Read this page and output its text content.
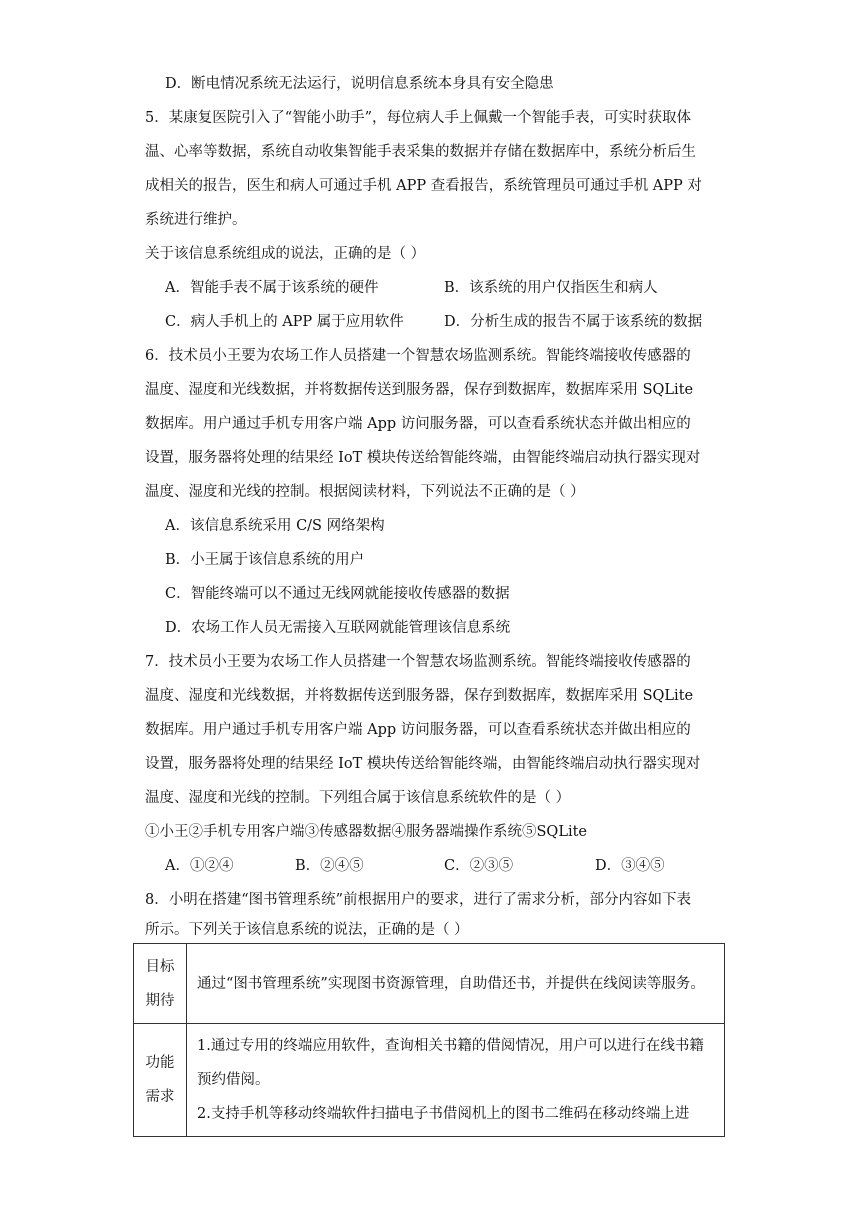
D．断电情况系统无法运行，说明信息系统本身具有安全隐患
5．某康复医院引入了“智能小助手”，每位病人手上佩戴一个智能手表，可实时获取体
温、心率等数据，系统自动收集智能手表采集的数据并存储在数据库中，系统分析后生
成相关的报告，医生和病人可通过手机 APP 查看报告，系统管理员可通过手机 APP 对
系统进行维护。
关于该信息系统组成的说法，正确的是（ ）
A．智能手表不属于该系统的硬件	B．该系统的用户仅指医生和病人
C．病人手机上的 APP 属于应用软件	D．分析生成的报告不属于该系统的数据
6．技术员小王要为农场工作人员搭建一个智慧农场监测系统。智能终端接收传感器的
温度、湿度和光线数据，并将数据传送到服务器，保存到数据库，数据库采用 SQLite
数据库。用户通过手机专用客户端 App 访问服务器，可以查看系统状态并做出相应的
设置，服务器将处理的结果经 IoT 模块传送给智能终端，由智能终端启动执行器实现对
温度、湿度和光线的控制。根据阅读材料，下列说法不正确的是（ ）
A．该信息系统采用 C/S 网络架构
B．小王属于该信息系统的用户
C．智能终端可以不通过无线网就能接收传感器的数据
D．农场工作人员无需接入互联网就能管理该信息系统
7．技术员小王要为农场工作人员搭建一个智慧农场监测系统。智能终端接收传感器的
温度、湿度和光线数据，并将数据传送到服务器，保存到数据库，数据库采用 SQLite
数据库。用户通过手机专用客户端 App 访问服务器，可以查看系统状态并做出相应的
设置，服务器将处理的结果经 IoT 模块传送给智能终端，由智能终端启动执行器实现对
温度、湿度和光线的控制。下列组合属于该信息系统软件的是（ ）
①小王②手机专用客户端③传感器数据④服务器端操作系统⑤SQLite
A．①②④	B．②④⑤	C．②③⑤	D．③④⑤
8．小明在搭建“图书管理系统”前根据用户的要求，进行了需求分析，部分内容如下表
所示。下列关于该信息系统的说法，正确的是（ ）
目标
期待	通过“图书管理系统”实现图书资源管理，自助借还书，并提供在线阅读等服务。

功能
需求	1.通过专用的终端应用软件，查询相关书籍的借阅情况，用户可以进行在线书籍
预约借阅。
2.支持手机等移动终端软件扫描电子书借阅机上的图书二维码在移动终端上进
